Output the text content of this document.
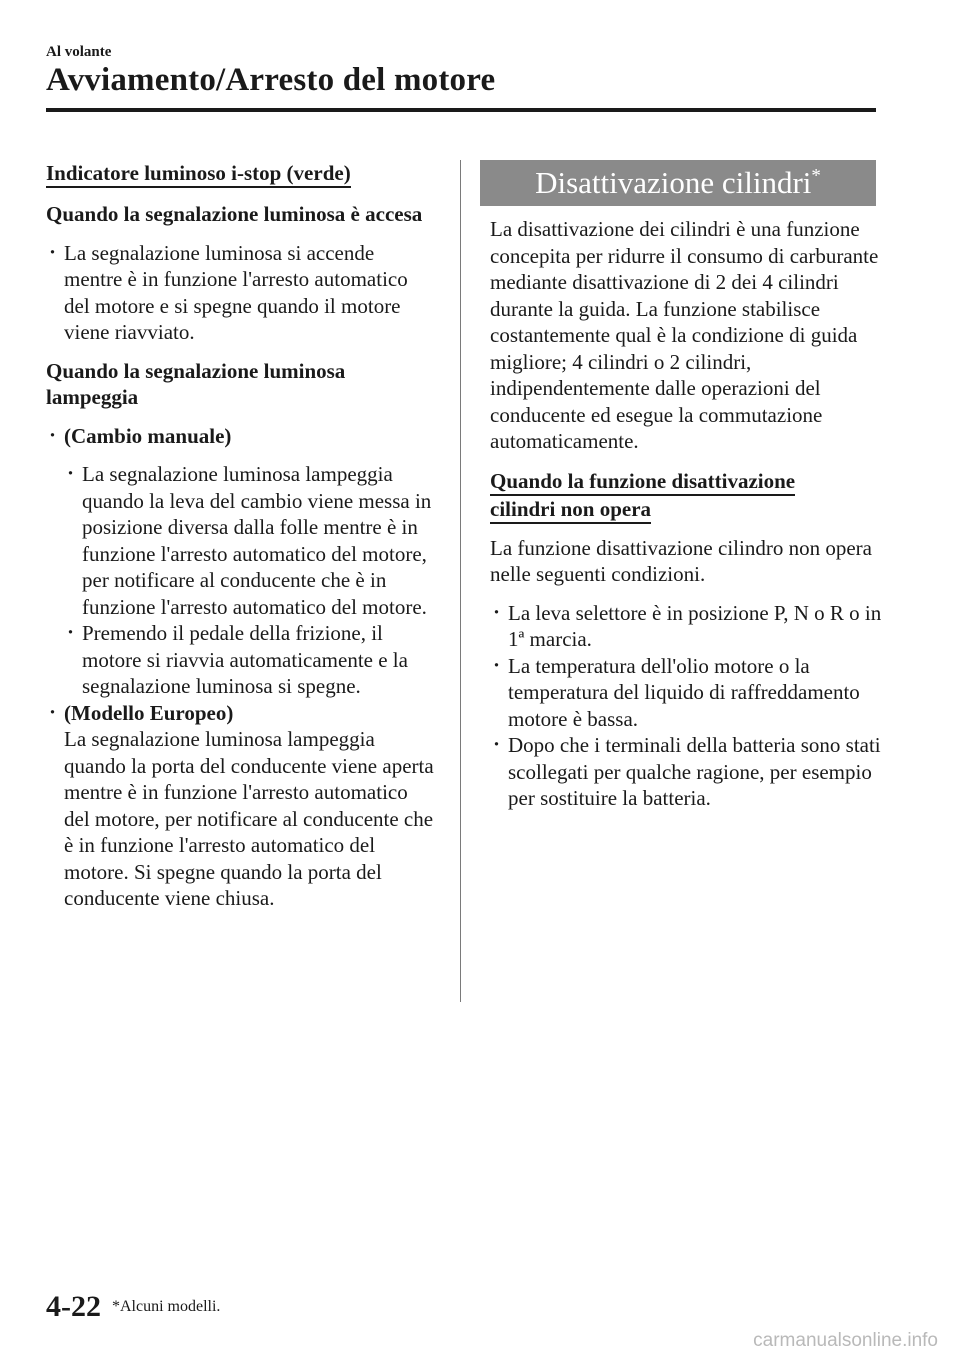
Al volante
Avviamento/Arresto del motore
Indicatore luminoso i-stop (verde)

Quando la segnalazione luminosa è accesa

· La segnalazione luminosa si accende mentre è in funzione l'arresto automatico del motore e si spegne quando il motore viene riavviato.

Quando la segnalazione luminosa lampeggia

· (Cambio manuale)
· La segnalazione luminosa lampeggia quando la leva del cambio viene messa in posizione diversa dalla folle mentre è in funzione l'arresto automatico del motore, per notificare al conducente che è in funzione l'arresto automatico del motore.
· Premendo il pedale della frizione, il motore si riavvia automaticamente e la segnalazione luminosa si spegne.
· (Modello Europeo)
La segnalazione luminosa lampeggia quando la porta del conducente viene aperta mentre è in funzione l'arresto automatico del motore, per notificare al conducente che è in funzione l'arresto automatico del motore. Si spegne quando la porta del conducente viene chiusa.
Disattivazione cilindri*

La disattivazione dei cilindri è una funzione concepita per ridurre il consumo di carburante mediante disattivazione di 2 dei 4 cilindri durante la guida. La funzione stabilisce costantemente qual è la condizione di guida migliore; 4 cilindri o 2 cilindri, indipendentemente dalle operazioni del conducente ed esegue la commutazione automaticamente.

Quando la funzione disattivazione cilindri non opera

La funzione disattivazione cilindro non opera nelle seguenti condizioni.

· La leva selettore è in posizione P, N o R o in 1ª marcia.
· La temperatura dell'olio motore o la temperatura del liquido di raffreddamento motore è bassa.
· Dopo che i terminali della batteria sono stati scollegati per qualche ragione, per esempio per sostituire la batteria.
4-22 *Alcuni modelli.
carmanualsonline.info
